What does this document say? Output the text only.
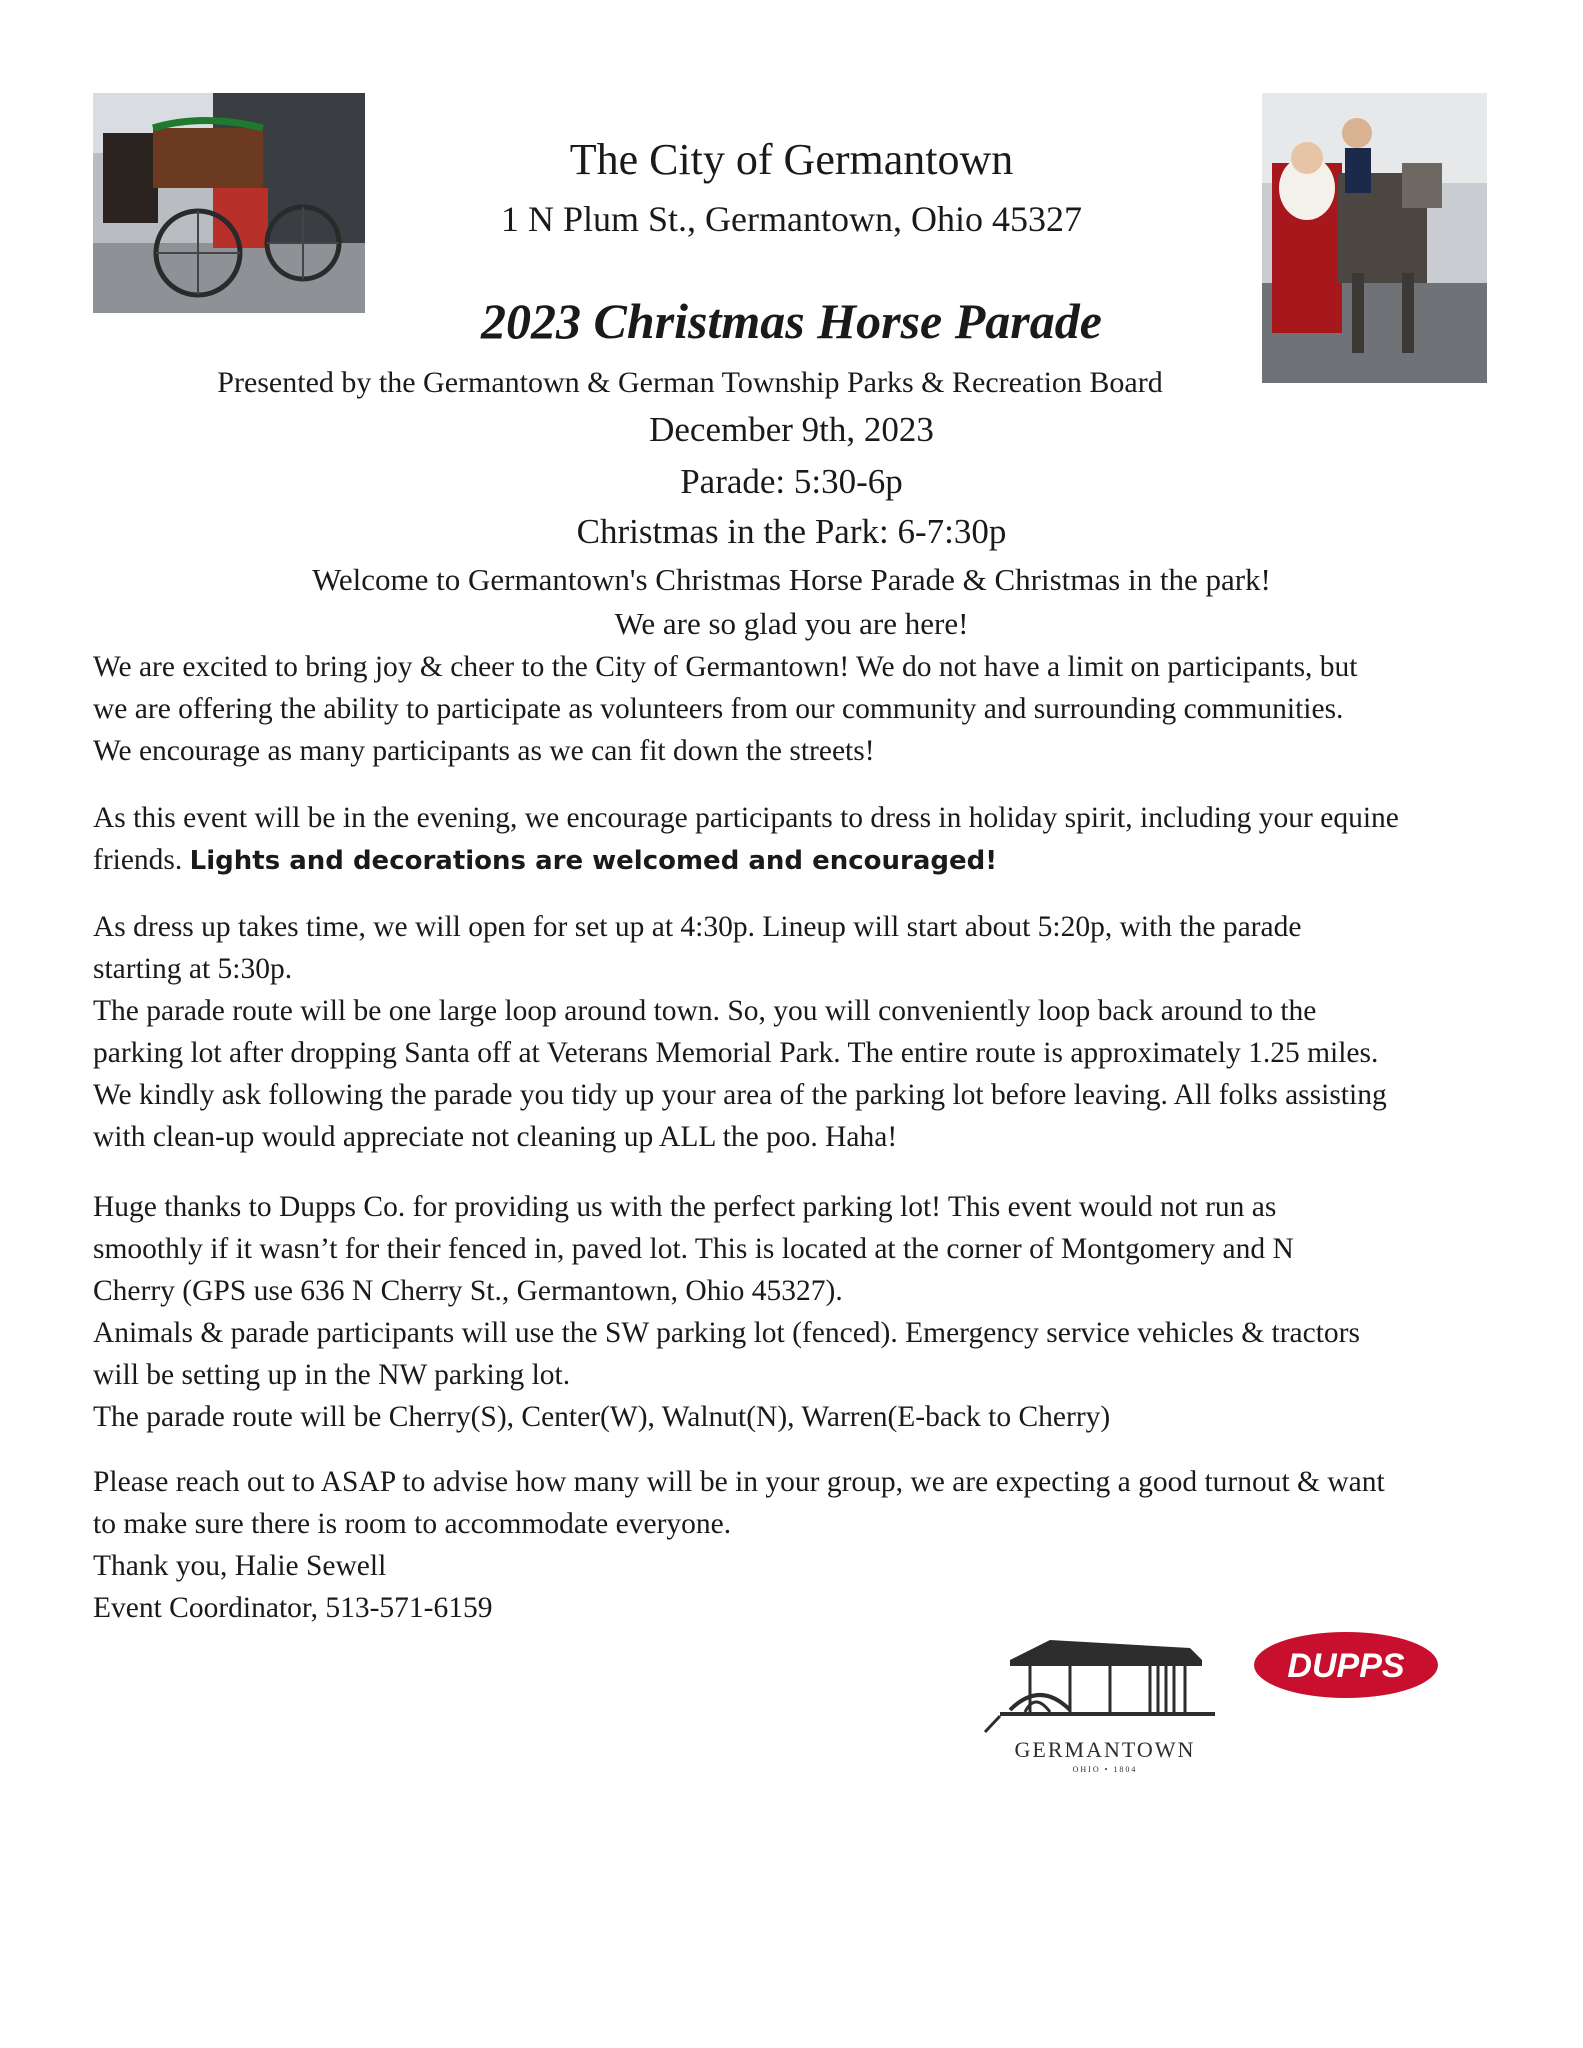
The City of Germantown
1 N Plum St., Germantown, Ohio 45327
2023 Christmas Horse Parade
Presented by the Germantown & German Township Parks & Recreation Board
December 9th, 2023
Parade: 5:30-6p
Christmas in the Park: 6-7:30p
Welcome to Germantown's Christmas Horse Parade & Christmas in the park!
We are so glad you are here!
We are excited to bring joy & cheer to the City of Germantown! We do not have a limit on participants, but
we are offering the ability to participate as volunteers from our community and surrounding communities.
We encourage as many participants as we can fit down the streets!
As this event will be in the evening, we encourage participants to dress in holiday spirit, including your equine
friends. Lights and decorations are welcomed and encouraged!
As dress up takes time, we will open for set up at 4:30p. Lineup will start about 5:20p, with the parade
starting at 5:30p.
The parade route will be one large loop around town. So, you will conveniently loop back around to the
parking lot after dropping Santa off at Veterans Memorial Park. The entire route is approximately 1.25 miles.
We kindly ask following the parade you tidy up your area of the parking lot before leaving. All folks assisting
with clean-up would appreciate not cleaning up ALL the poo. Haha!
Huge thanks to Dupps Co. for providing us with the perfect parking lot! This event would not run as
smoothly if it wasn’t for their fenced in, paved lot. This is located at the corner of Montgomery and N
Cherry (GPS use 636 N Cherry St., Germantown, Ohio 45327).
Animals & parade participants will use the SW parking lot (fenced). Emergency service vehicles & tractors
will be setting up in the NW parking lot.
The parade route will be Cherry(S), Center(W), Walnut(N), Warren(E-back to Cherry)
Please reach out to ASAP to advise how many will be in your group, we are expecting a good turnout & want
to make sure there is room to accommodate everyone.
Thank you, Halie Sewell
Event Coordinator, 513-571-6159
GERMANTOWN
OHIO • 1804
DUPPS
